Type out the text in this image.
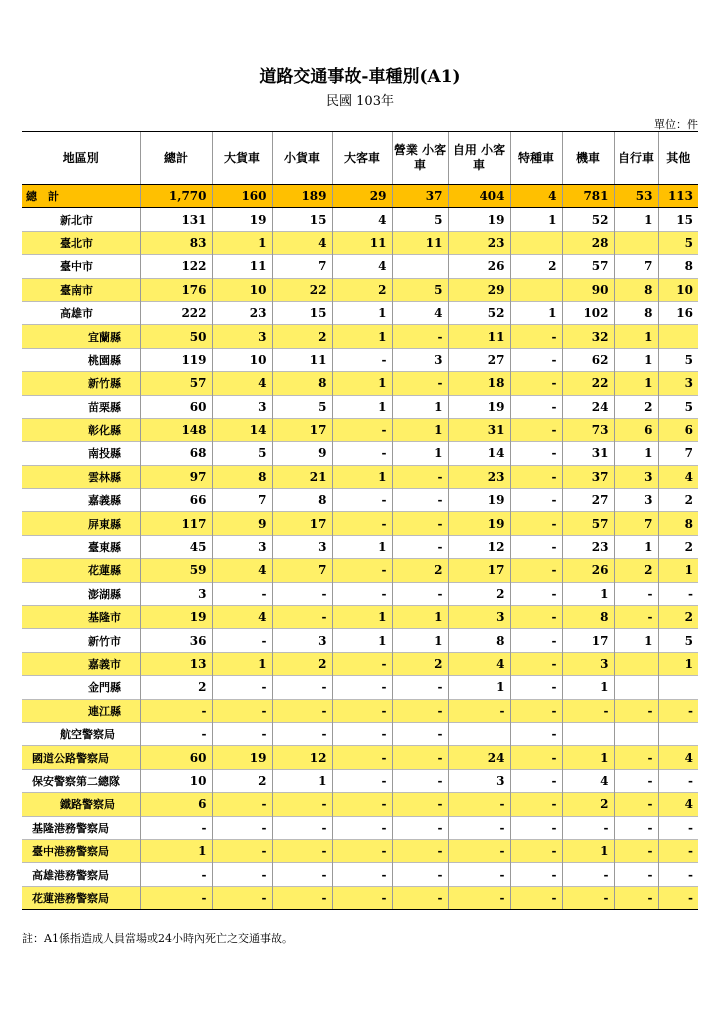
道路交通事故-車種別(A1)
民國 103年
單位：件
地區別	總計	大貨車	小貨車	大客車	營業 小客車	自用 小客車	特種車	機車	自行車	其他
總　計	1,770	160	189	29	37	404	4	781	53	113
新北市	131	19	15	4	5	19	1	52	1	15
臺北市	83	1	4	11	11	23		28		5
臺中市	122	11	7	4		26	2	57	7	8
臺南市	176	10	22	2	5	29		90	8	10
高雄市	222	23	15	1	4	52	1	102	8	16
宜蘭縣	50	3	2	1	-	11	-	32	1	
桃園縣	119	10	11	-	3	27	-	62	1	5
新竹縣	57	4	8	1	-	18	-	22	1	3
苗栗縣	60	3	5	1	1	19	-	24	2	5
彰化縣	148	14	17	-	1	31	-	73	6	6
南投縣	68	5	9	-	1	14	-	31	1	7
雲林縣	97	8	21	1	-	23	-	37	3	4
嘉義縣	66	7	8	-	-	19	-	27	3	2
屏東縣	117	9	17	-	-	19	-	57	7	8
臺東縣	45	3	3	1	-	12	-	23	1	2
花蓮縣	59	4	7	-	2	17	-	26	2	1
澎湖縣	3	-	-	-	-	2	-	1	-	-
基隆市	19	4	-	1	1	3	-	8	-	2
新竹市	36	-	3	1	1	8	-	17	1	5
嘉義市	13	1	2	-	2	4	-	3		1
金門縣	2	-	-	-	-	1	-	1		
連江縣	-	-	-	-	-	-	-	-	-	-
航空警察局	-	-	-	-	-		-			
國道公路警察局	60	19	12	-	-	24	-	1	-	4
保安警察第二總隊	10	2	1	-	-	3	-	4	-	-
鐵路警察局	6	-	-	-	-	-	-	2	-	4
基隆港務警察局	-	-	-	-	-	-	-	-	-	-
臺中港務警察局	1	-	-	-	-	-	-	1	-	-
高雄港務警察局	-	-	-	-	-	-	-	-	-	-
花蓮港務警察局	-	-	-	-	-	-	-	-	-	-
註：A1係指造成人員當場或24小時內死亡之交通事故。
